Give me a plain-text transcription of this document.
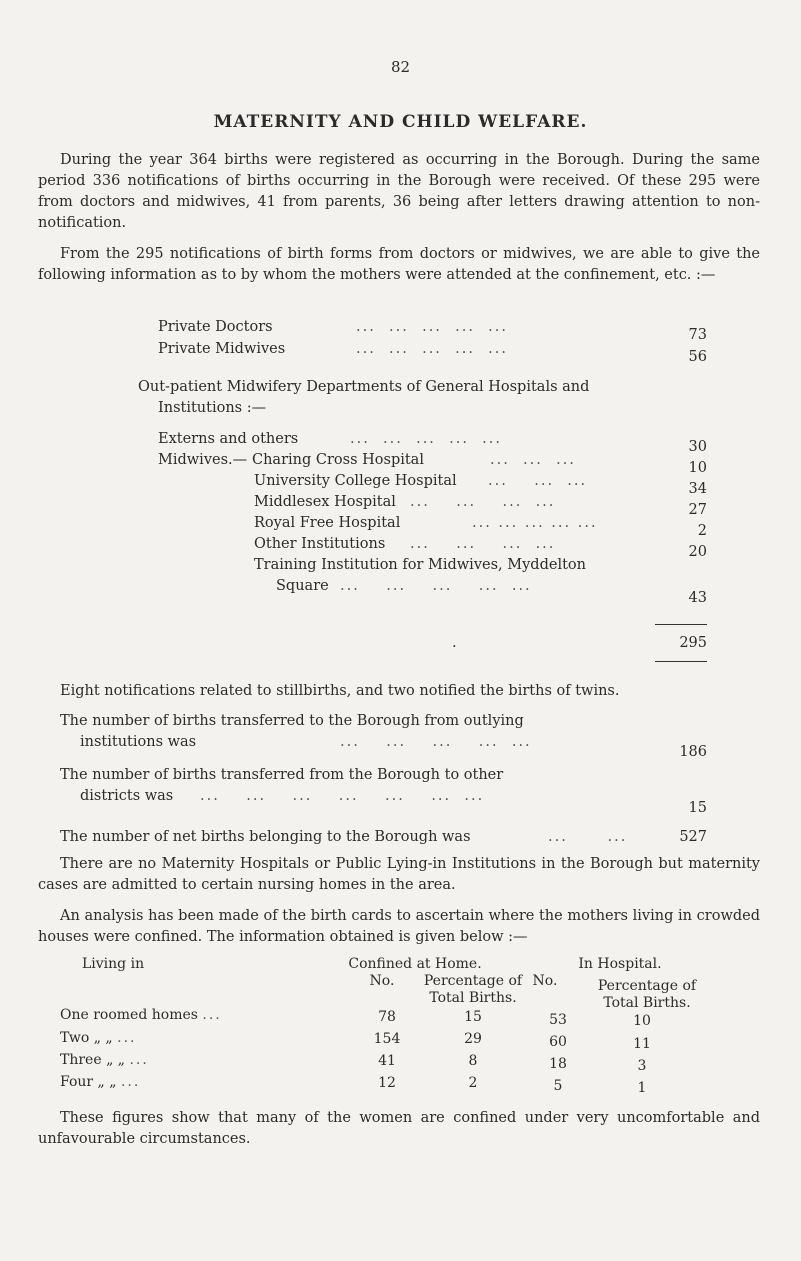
82
MATERNITY AND CHILD WELFARE.

During the year 364 births were registered as occurring in the Borough. During the same period 336 notifications of births occurring in the Borough were received. Of these 295 were from doctors and midwives, 41 from parents, 36 being after letters drawing attention to non-notification.

From the 295 notifications of birth forms from doctors or midwives, we are able to give the following information as to by whom the mothers were attended at the confinement, etc. :—

Private Doctors	...  ...  ...  ...  ...	73
Private Midwives	...  ...  ...  ...  ...	56
Out-patient Midwifery Departments of General Hospitals and
Institutions :—
Externs and others	...  ...  ...  ...  ...	30
Midwives.— Charing Cross Hospital	...  ...  ...	10
University College Hospital ...    ...  ...	34
Middlesex Hospital ...    ...    ...  ...	27
Royal Free Hospital	... ... ... ... ...	2
Other Institutions ...    ...    ...  ...	20
Training Institution for Midwives, Myddelton
Square ...    ...    ...    ...  ...
43
.	295
Eight notifications related to stillbirths, and two notified the births of twins.
The number of births transferred to the Borough from outlying
institutions was	...    ...    ...    ...  ...
186
The number of births transferred from the Borough to other
districts was ...    ...    ...    ...    ...    ...  ...
15
The number of net births belonging to the Borough was	...      ...	527

There are no Maternity Hospitals or Public Lying-in Institutions in the Borough but maternity cases are admitted to certain nursing homes in the area.

An analysis has been made of the birth cards to ascertain where the mothers living in crowded houses were confined. The information obtained is given below :—

Living in	Confined at Home.	In Hospital.
No.	Percentage of
Total Births.
No.	Percentage of
Total Births.
One roomed homes ...	78	15	53	10
Two „ „ ...	154	29	60	11
Three „ „ ...	41	8	18	3
Four „ „ ...	12	2	5	1

These figures show that many of the women are confined under very uncomfortable and unfavourable circumstances.
